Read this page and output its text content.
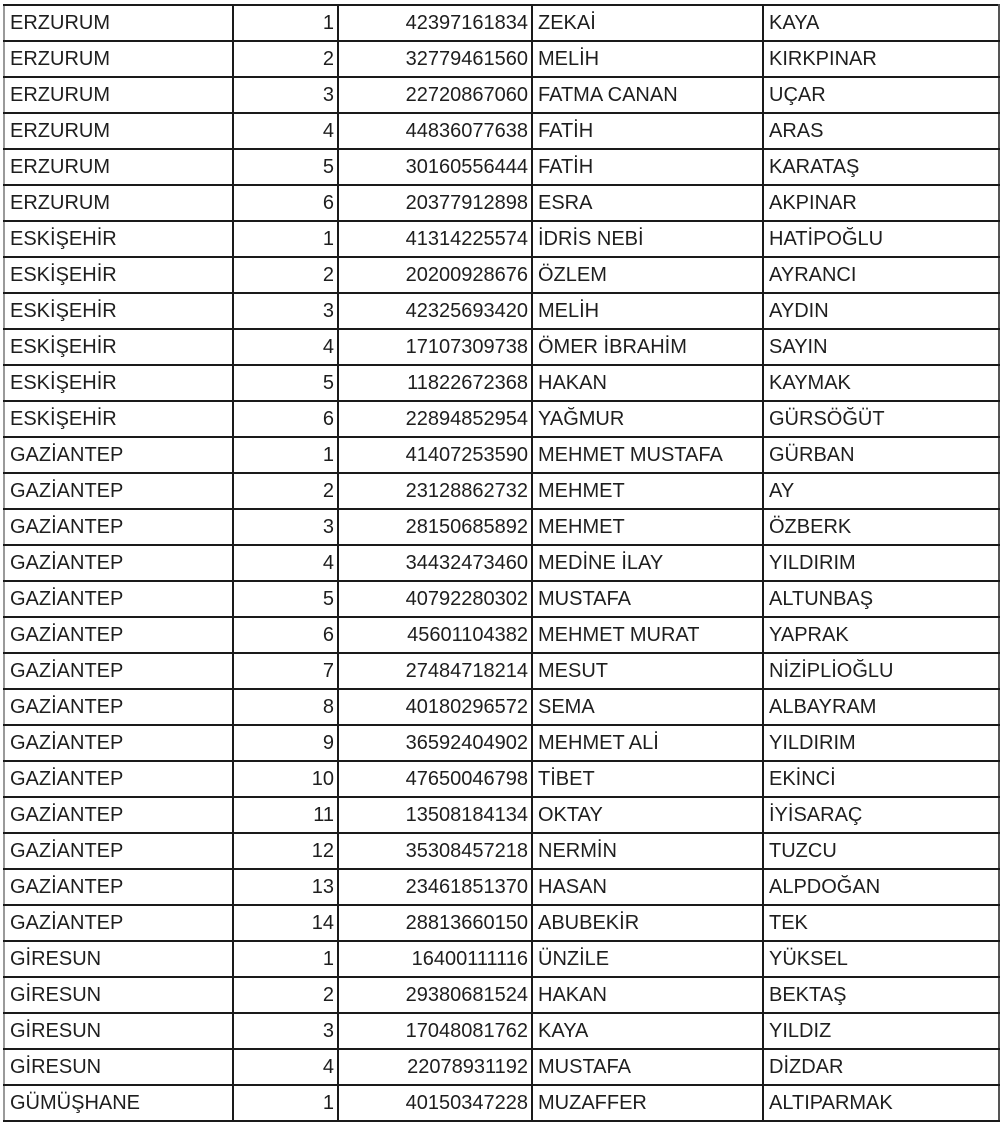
ERZURUM	1	42397161834	ZEKAİ	KAYA
ERZURUM	2	32779461560	MELİH	KIRKPINAR
ERZURUM	3	22720867060	FATMA CANAN	UÇAR
ERZURUM	4	44836077638	FATİH	ARAS
ERZURUM	5	30160556444	FATİH	KARATAŞ
ERZURUM	6	20377912898	ESRA	AKPINAR
ESKİŞEHİR	1	41314225574	İDRİS NEBİ	HATİPOĞLU
ESKİŞEHİR	2	20200928676	ÖZLEM	AYRANCI
ESKİŞEHİR	3	42325693420	MELİH	AYDIN
ESKİŞEHİR	4	17107309738	ÖMER İBRAHİM	SAYIN
ESKİŞEHİR	5	11822672368	HAKAN	KAYMAK
ESKİŞEHİR	6	22894852954	YAĞMUR	GÜRSÖĞÜT
GAZİANTEP	1	41407253590	MEHMET MUSTAFA	GÜRBAN
GAZİANTEP	2	23128862732	MEHMET	AY
GAZİANTEP	3	28150685892	MEHMET	ÖZBERK
GAZİANTEP	4	34432473460	MEDİNE İLAY	YILDIRIM
GAZİANTEP	5	40792280302	MUSTAFA	ALTUNBAŞ
GAZİANTEP	6	45601104382	MEHMET MURAT	YAPRAK
GAZİANTEP	7	27484718214	MESUT	NİZİPLİOĞLU
GAZİANTEP	8	40180296572	SEMA	ALBAYRAM
GAZİANTEP	9	36592404902	MEHMET ALİ	YILDIRIM
GAZİANTEP	10	47650046798	TİBET	EKİNCİ
GAZİANTEP	11	13508184134	OKTAY	İYİSARAÇ
GAZİANTEP	12	35308457218	NERMİN	TUZCU
GAZİANTEP	13	23461851370	HASAN	ALPDOĞAN
GAZİANTEP	14	28813660150	ABUBEKİR	TEK
GİRESUN	1	16400111116	ÜNZİLE	YÜKSEL
GİRESUN	2	29380681524	HAKAN	BEKTAŞ
GİRESUN	3	17048081762	KAYA	YILDIZ
GİRESUN	4	22078931192	MUSTAFA	DİZDAR
GÜMÜŞHANE	1	40150347228	MUZAFFER	ALTIPARMAK
